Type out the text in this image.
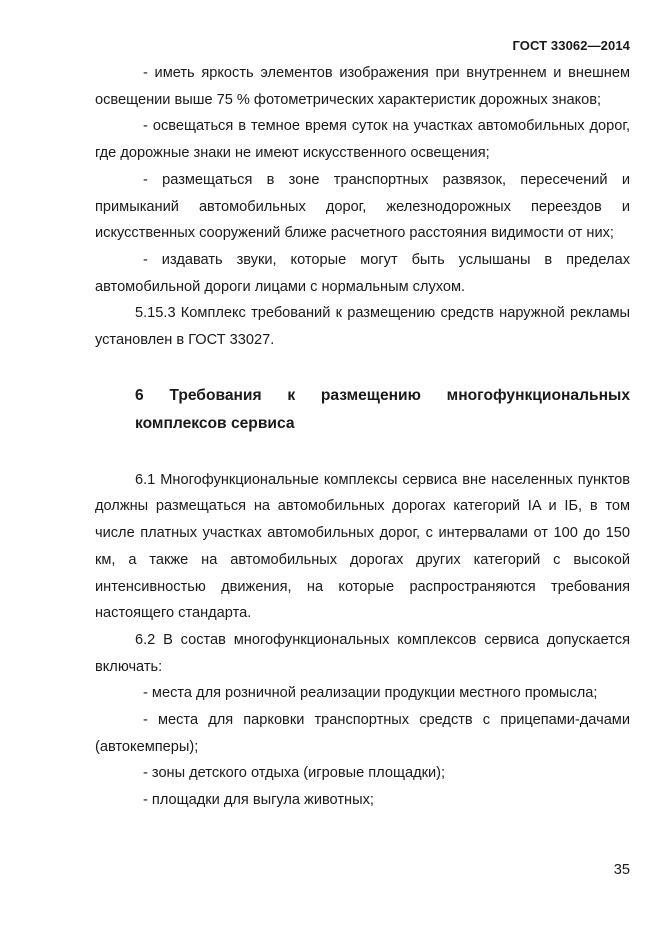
ГОСТ 33062—2014

- иметь яркость элементов изображения при внутреннем и внешнем освещении выше 75 % фотометрических характеристик дорожных знаков;

- освещаться в темное время суток на участках автомобильных дорог, где дорожные знаки не имеют искусственного освещения;

- размещаться в зоне транспортных развязок, пересечений и примыканий автомобильных дорог, железнодорожных переездов и искусственных сооружений ближе расчетного расстояния видимости от них;

- издавать звуки, которые могут быть услышаны в пределах автомобильной дороги лицами с нормальным слухом.

5.15.3 Комплекс требований к размещению средств наружной рекламы установлен в ГОСТ 33027.

6 Требования к размещению многофункциональных комплексов сервиса

6.1 Многофункциональные комплексы сервиса вне населенных пунктов должны размещаться на автомобильных дорогах категорий IA и IБ, в том числе платных участках автомобильных дорог, с интервалами от 100 до 150 км, а также на автомобильных дорогах других категорий с высокой интенсивностью движения, на которые распространяются требования настоящего стандарта.

6.2 В состав многофункциональных комплексов сервиса допускается включать:

- места для розничной реализации продукции местного промысла;

- места для парковки транспортных средств с прицепами-дачами (автокемперы);

- зоны детского отдыха (игровые площадки);

- площадки для выгула животных;

35
